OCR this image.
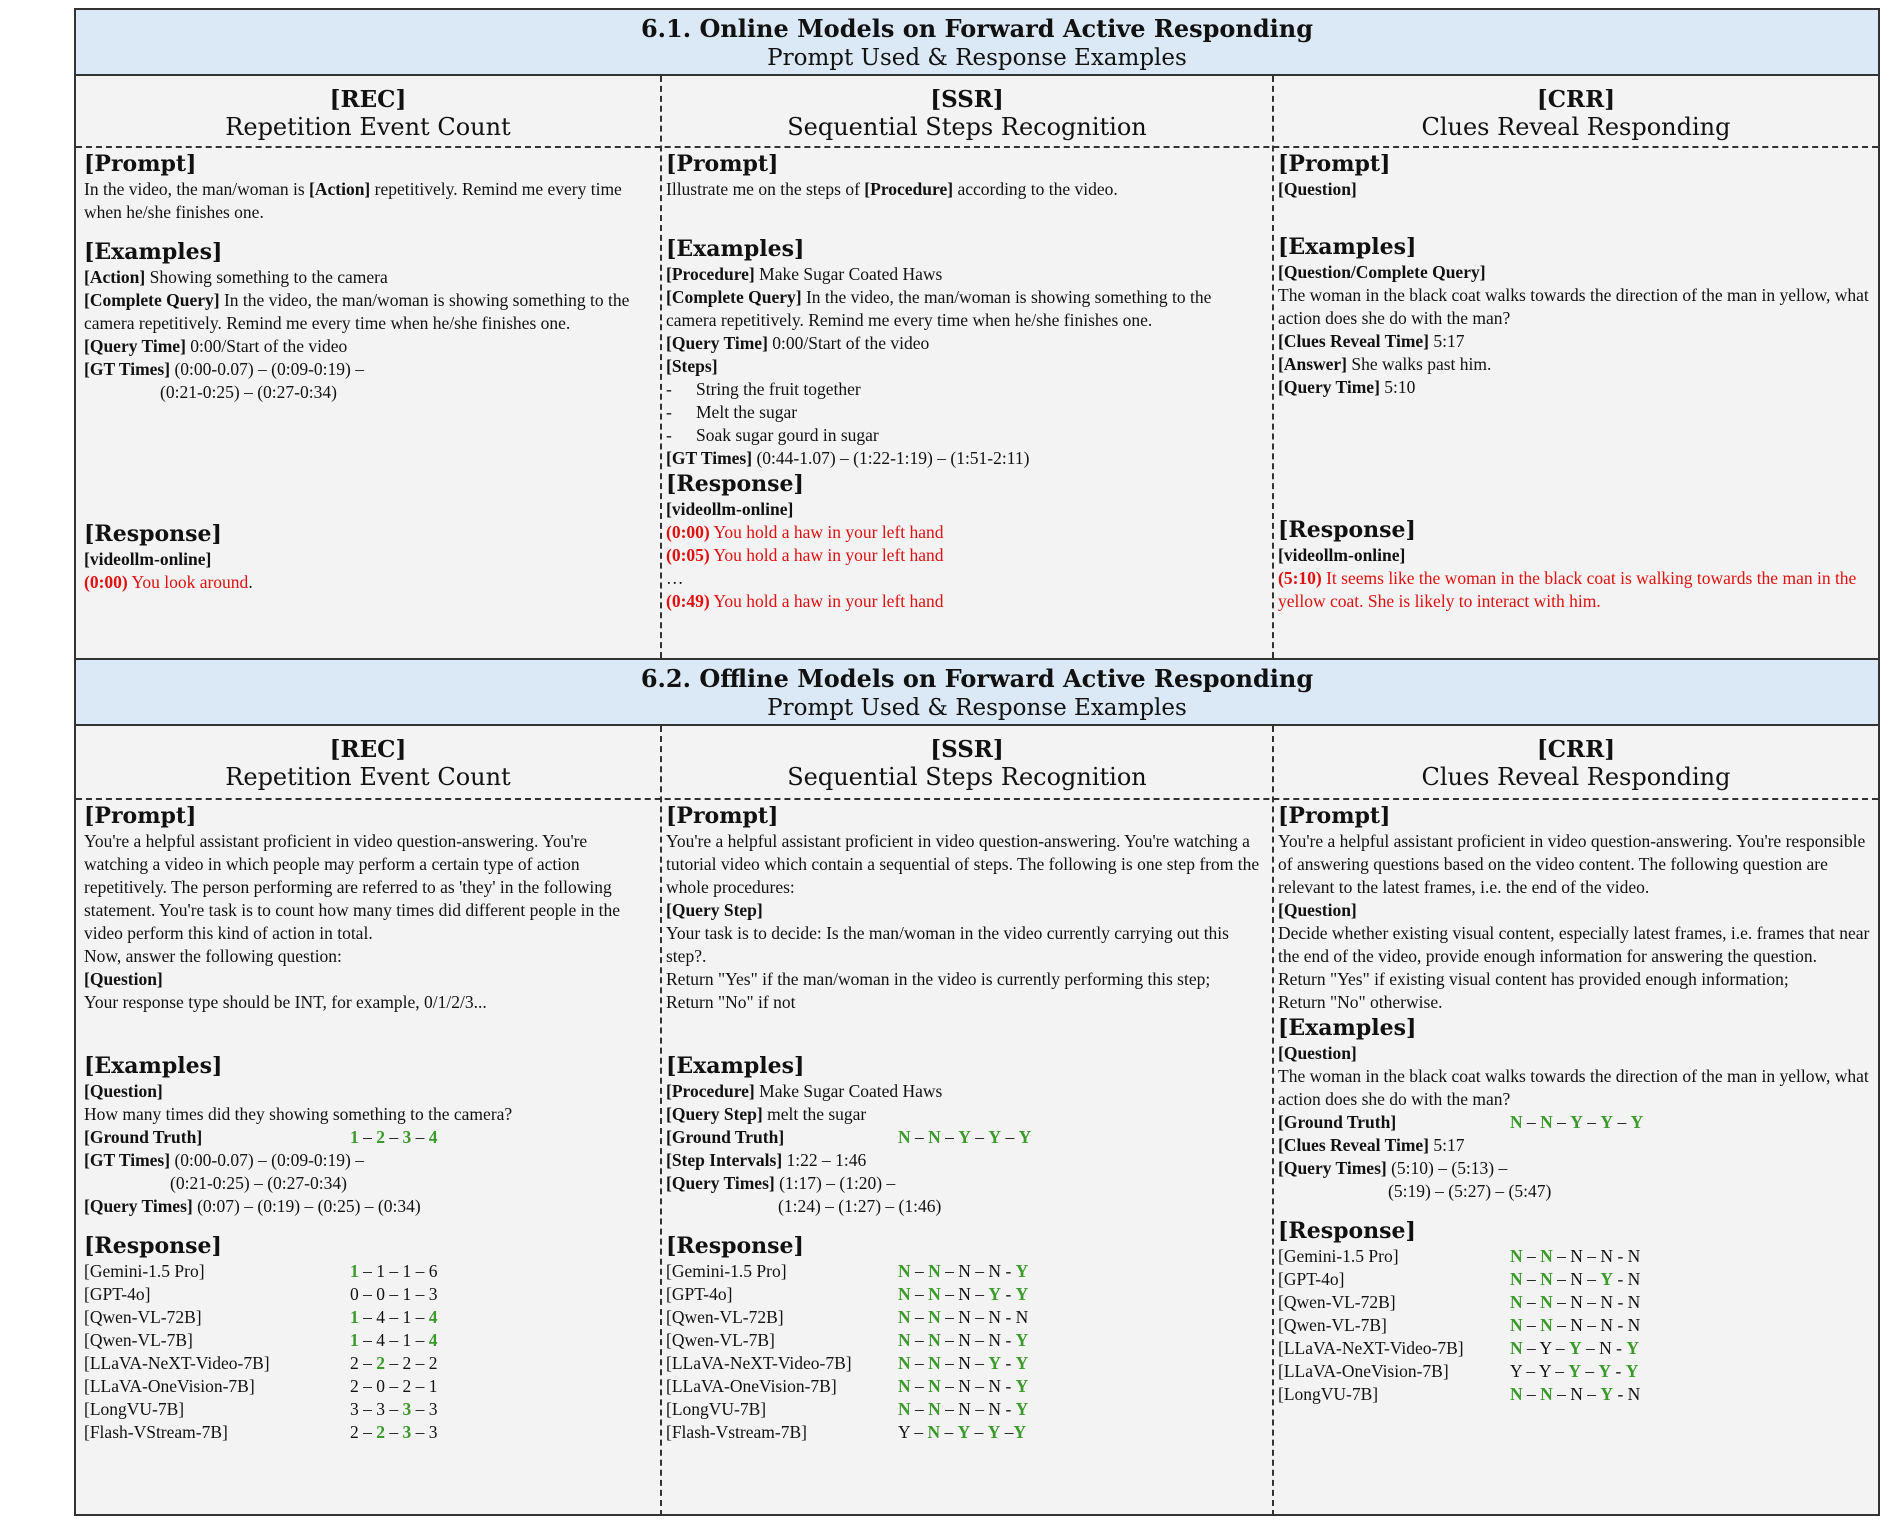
6.1. Online Models on Forward Active Responding
Prompt Used & Response Examples
[REC]
Repetition Event Count
[Prompt]
In the video, the man/woman is [Action] repetitively. Remind me every time when he/she finishes one.
[Examples]
[Action] Showing something to the camera
[Complete Query] In the video, the man/woman is showing something to the camera repetitively. Remind me every time when he/she finishes one.
[Query Time] 0:00/Start of the video
[GT Times] (0:00-0.07) – (0:09-0:19) –
(0:21-0:25) – (0:27-0:34)
[Response]
[videollm-online]
(0:00) You look around.
[SSR]
Sequential Steps Recognition
[Prompt]
Illustrate me on the steps of [Procedure] according to the video.
[Examples]
[Procedure] Make Sugar Coated Haws
[Complete Query] In the video, the man/woman is showing something to the camera repetitively. Remind me every time when he/she finishes one.
[Query Time] 0:00/Start of the video
[Steps]
- String the fruit together
- Melt the sugar
- Soak sugar gourd in sugar
[GT Times] (0:44-1.07) – (1:22-1:19) – (1:51-2:11)
[Response]
[videollm-online]
(0:00) You hold a haw in your left hand
(0:05) You hold a haw in your left hand
…
(0:49) You hold a haw in your left hand
[CRR]
Clues Reveal Responding
[Prompt]
[Question]
[Examples]
[Question/Complete Query]
The woman in the black coat walks towards the direction of the man in yellow, what action does she do with the man?
[Clues Reveal Time] 5:17
[Answer] She walks past him.
[Query Time] 5:10
[Response]
[videollm-online]
(5:10) It seems like the woman in the black coat is walking towards the man in the yellow coat. She is likely to interact with him.
6.2. Offline Models on Forward Active Responding
Prompt Used & Response Examples
[REC]
Repetition Event Count
[Prompt]
You're a helpful assistant proficient in video question-answering. You're watching a video in which people may perform a certain type of action repetitively. The person performing are referred to as 'they' in the following statement. You're task is to count how many times did different people in the video perform this kind of action in total.
Now, answer the following question:
[Question]
Your response type should be INT, for example, 0/1/2/3...
[Examples]
[Question]
How many times did they showing something to the camera?
[Ground Truth]	1 – 2 – 3 – 4
[GT Times] (0:00-0.07) – (0:09-0:19) –
(0:21-0:25) – (0:27-0:34)
[Query Times] (0:07) – (0:19) – (0:25) – (0:34)
[Response]
[Gemini-1.5 Pro]	1 – 1 – 1 – 6
[GPT-4o]	0 – 0 – 1 – 3
[Qwen-VL-72B]	1 – 4 – 1 – 4
[Qwen-VL-7B]	1 – 4 – 1 – 4
[LLaVA-NeXT-Video-7B]	2 – 2 – 2 – 2
[LLaVA-OneVision-7B]	2 – 0 – 2 – 1
[LongVU-7B]	3 – 3 – 3 – 3
[Flash-VStream-7B]	2 – 2 – 3 – 3
[SSR]
Sequential Steps Recognition
[Prompt]
You're a helpful assistant proficient in video question-answering. You're watching a tutorial video which contain a sequential of steps. The following is one step from the whole procedures:
[Query Step]
Your task is to decide: Is the man/woman in the video currently carrying out this step?.
Return "Yes" if the man/woman in the video is currently performing this step;
Return "No" if not
[Examples]
[Procedure] Make Sugar Coated Haws
[Query Step] melt the sugar
[Ground Truth]	N – N – Y – Y – Y
[Step Intervals] 1:22 – 1:46
[Query Times] (1:17) – (1:20) –
(1:24) – (1:27) – (1:46)
[Response]
[Gemini-1.5 Pro]	N – N – N – N - Y
[GPT-4o]	N – N – N – Y - Y
[Qwen-VL-72B]	N – N – N – N - N
[Qwen-VL-7B]	N – N – N – N - Y
[LLaVA-NeXT-Video-7B]	N – N – N – Y - Y
[LLaVA-OneVision-7B]	N – N – N – N - Y
[LongVU-7B]	N – N – N – N - Y
[Flash-Vstream-7B]	Y – N – Y – Y –Y
[CRR]
Clues Reveal Responding
[Prompt]
You're a helpful assistant proficient in video question-answering. You're responsible of answering questions based on the video content. The following question are relevant to the latest frames, i.e. the end of the video.
[Question]
Decide whether existing visual content, especially latest frames, i.e. frames that near the end of the video, provide enough information for answering the question.
Return "Yes" if existing visual content has provided enough information;
Return "No" otherwise.
[Examples]
[Question]
The woman in the black coat walks towards the direction of the man in yellow, what action does she do with the man?
[Ground Truth]	N – N – Y – Y – Y
[Clues Reveal Time] 5:17
[Query Times] (5:10) – (5:13) –
(5:19) – (5:27) – (5:47)
[Response]
[Gemini-1.5 Pro]	N – N – N – N - N
[GPT-4o]	N – N – N – Y - N
[Qwen-VL-72B]	N – N – N – N - N
[Qwen-VL-7B]	N – N – N – N - N
[LLaVA-NeXT-Video-7B]	N – Y – Y – N - Y
[LLaVA-OneVision-7B]	Y – Y – Y – Y - Y
[LongVU-7B]	N – N – N – Y - N
